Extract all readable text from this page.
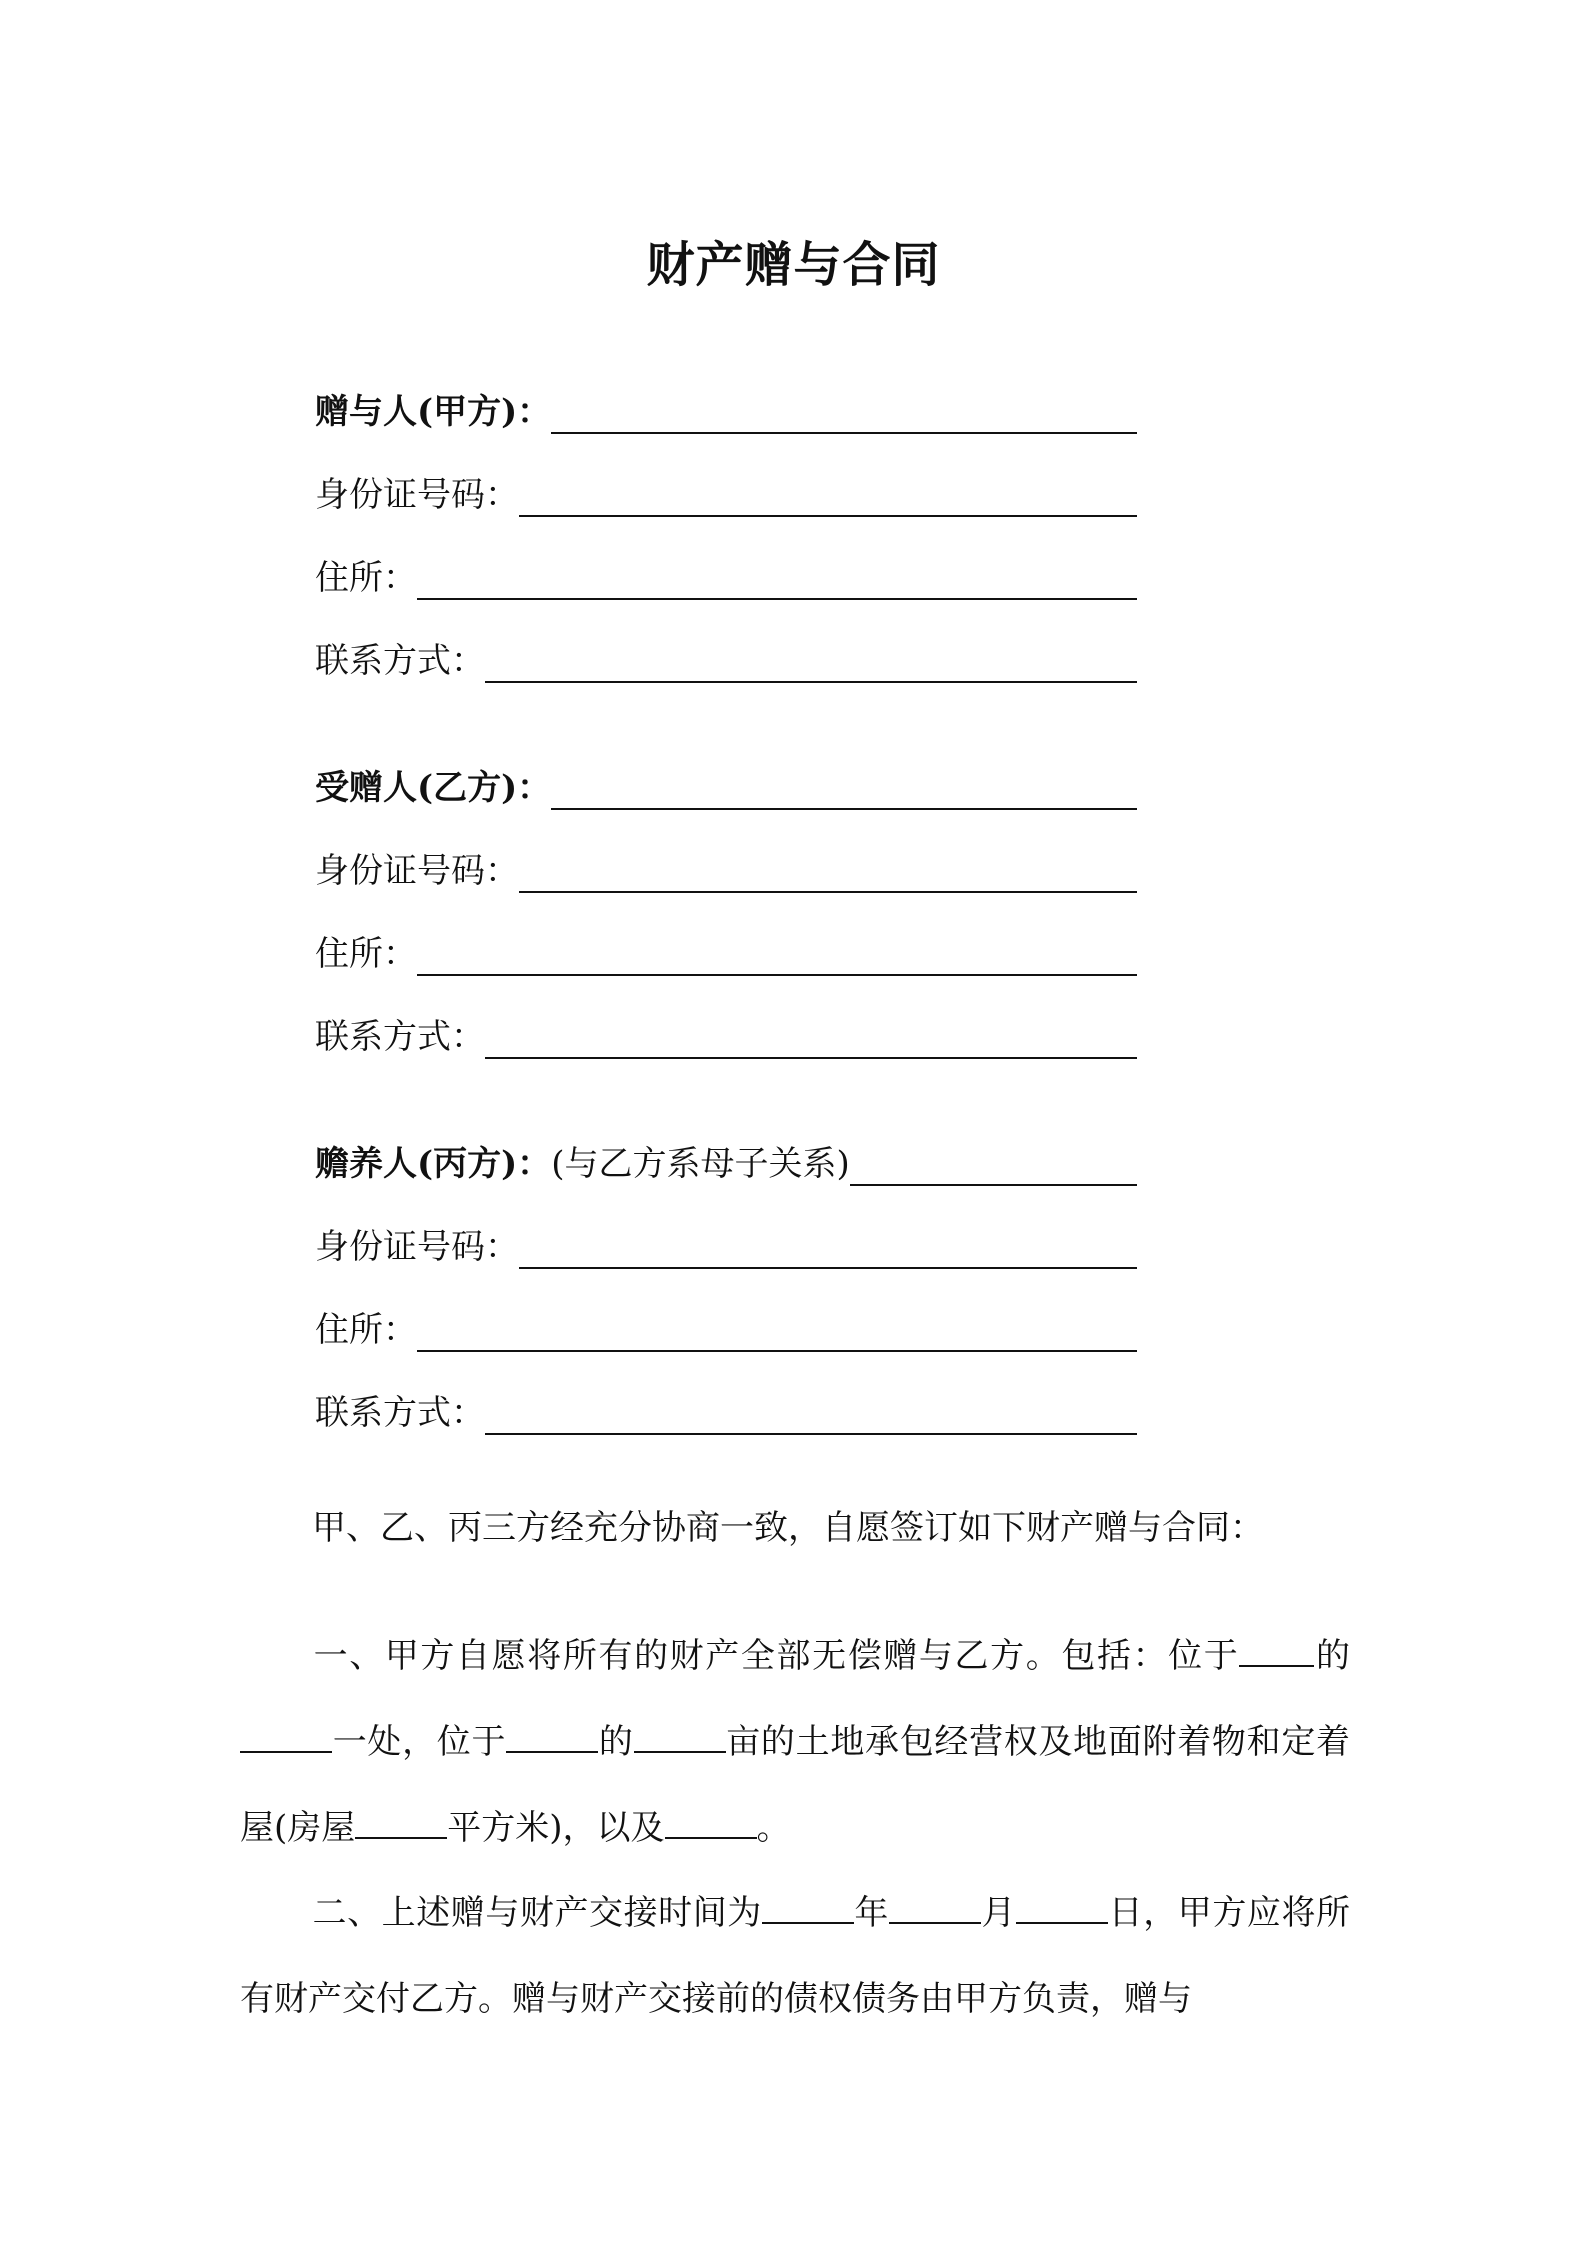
财产赠与合同
赠与人(甲方)：
身份证号码：
住所：
联系方式：
受赠人(乙方)：
身份证号码：
住所：
联系方式：
赡养人(丙方)： (与乙方系母子关系)
身份证号码：
住所：
联系方式：

甲、乙、丙三方经充分协商一致，自愿签订如下财产赠与合同：

一、甲方自愿将所有的财产全部无偿赠与乙方。包括：位于 的一处，位于	的	亩的土地承包经营权及地面附着物和定着屋(房屋	平方米)，以及	。

二、上述赠与财产交接时间为	年	月	日，甲方应将所有财产交付乙方。赠与财产交接前的债权债务由甲方负责，赠与
